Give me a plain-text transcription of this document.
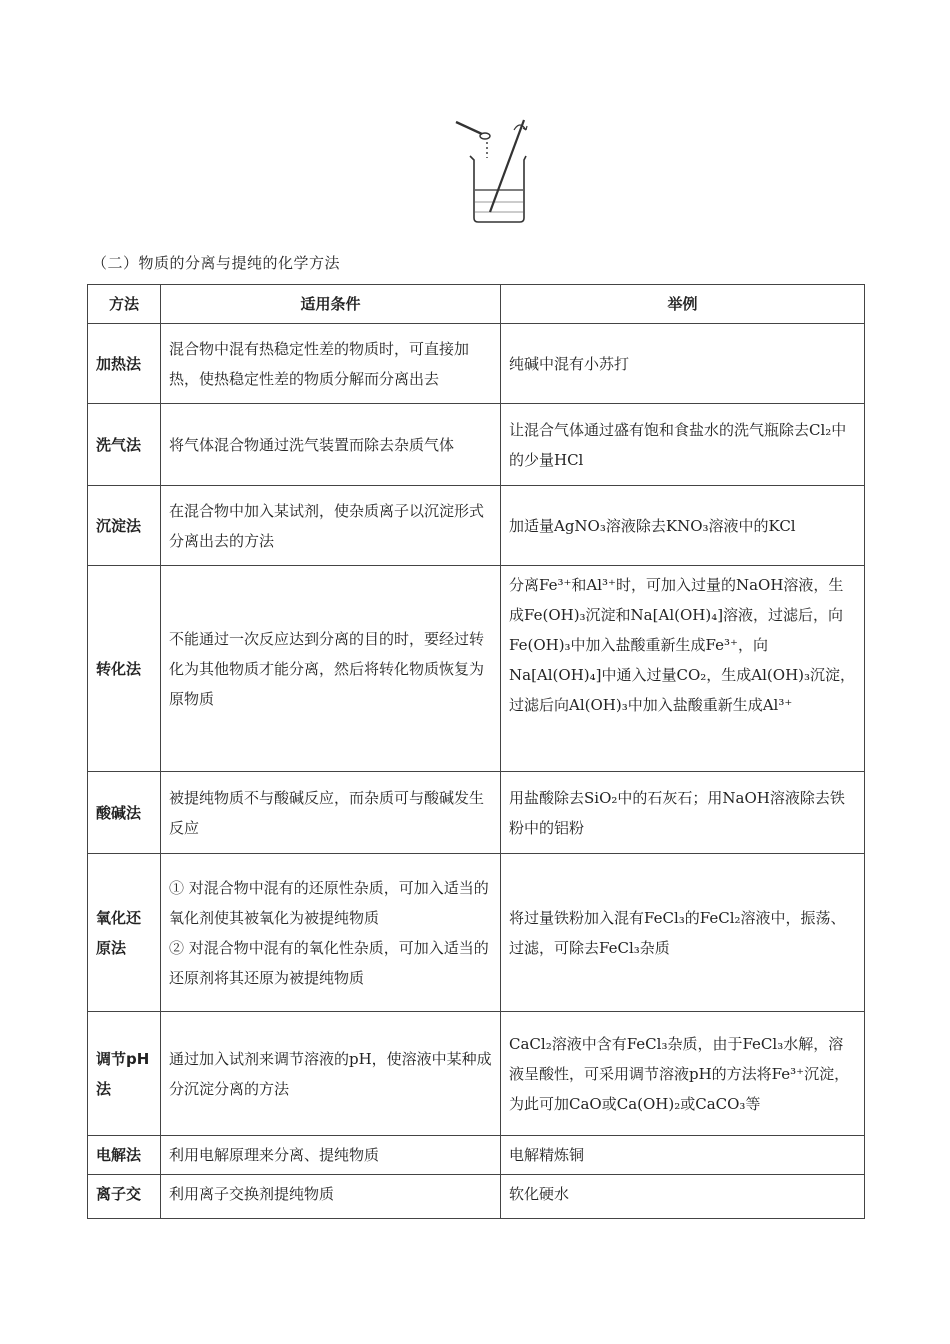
（二）物质的分离与提纯的化学方法
方法	适用条件	举例
加热法	混合物中混有热稳定性差的物质时，可直接加热，使热稳定性差的物质分解而分离出去	纯碱中混有小苏打
洗气法	将气体混合物通过洗气装置而除去杂质气体	让混合气体通过盛有饱和食盐水的洗气瓶除去Cl₂中的少量HCl
沉淀法	在混合物中加入某试剂，使杂质离子以沉淀形式分离出去的方法	加适量AgNO₃溶液除去KNO₃溶液中的KCl
转化法	不能通过一次反应达到分离的目的时，要经过转化为其他物质才能分离，然后将转化物质恢复为原物质	分离Fe³⁺和Al³⁺时，可加入过量的NaOH溶液，生成Fe(OH)₃沉淀和Na[Al(OH)₄]溶液，过滤后，向Fe(OH)₃中加入盐酸重新生成Fe³⁺，向Na[Al(OH)₄]中通入过量CO₂，生成Al(OH)₃沉淀，过滤后向Al(OH)₃中加入盐酸重新生成Al³⁺
酸碱法	被提纯物质不与酸碱反应，而杂质可与酸碱发生反应	用盐酸除去SiO₂中的石灰石；用NaOH溶液除去铁粉中的铝粉
氧化还原法	① 对混合物中混有的还原性杂质，可加入适当的氧化剂使其被氧化为被提纯物质
② 对混合物中混有的氧化性杂质，可加入适当的还原剂将其还原为被提纯物质	将过量铁粉加入混有FeCl₃的FeCl₂溶液中，振荡、过滤，可除去FeCl₃杂质
调节pH法	通过加入试剂来调节溶液的pH，使溶液中某种成分沉淀分离的方法	CaCl₂溶液中含有FeCl₃杂质，由于FeCl₃水解，溶液呈酸性，可采用调节溶液pH的方法将Fe³⁺沉淀，为此可加CaO或Ca(OH)₂或CaCO₃等
电解法	利用电解原理来分离、提纯物质	电解精炼铜
离子交	利用离子交换剂提纯物质	软化硬水
